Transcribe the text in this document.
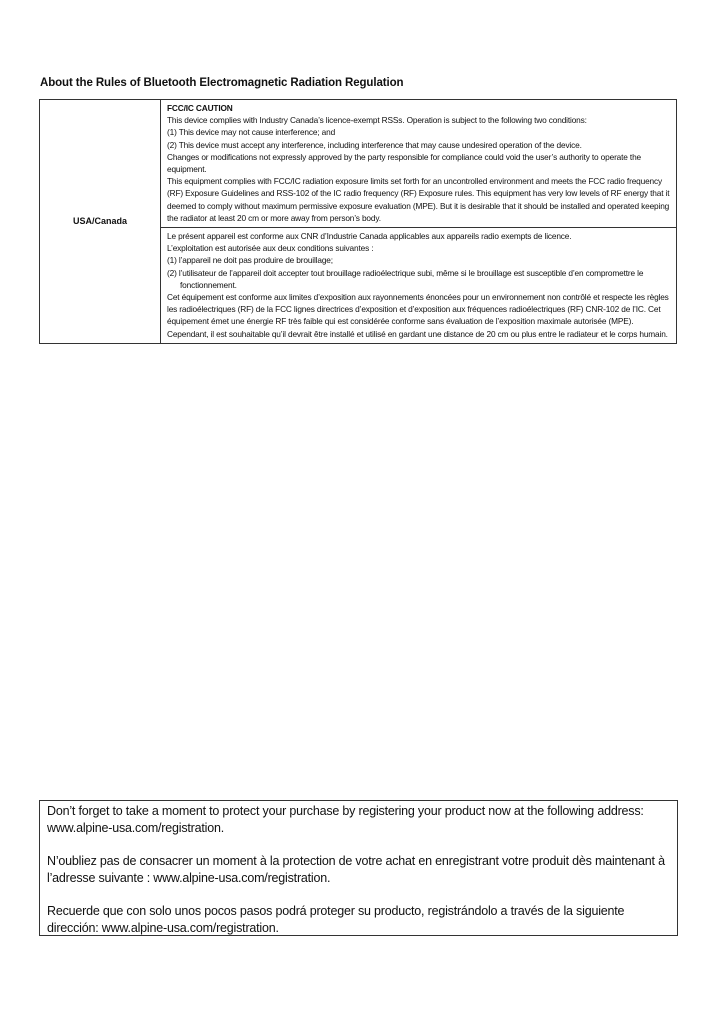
About the Rules of Bluetooth Electromagnetic Radiation Regulation
USA/Canada	
FCC/IC CAUTION

This device complies with Industry Canada’s licence-exempt RSSs. Operation is subject to the following two conditions:

(1) This device may not cause interference; and

(2) This device must accept any interference, including interference that may cause undesired operation of the device.

Changes or modifications not expressly approved by the party responsible for compliance could void the user’s authority to operate the equipment.

This equipment complies with FCC/IC radiation exposure limits set forth for an uncontrolled environment and meets the FCC radio frequency (RF) Exposure Guidelines and RSS-102 of the IC radio frequency (RF) Exposure rules. This equipment has very low levels of RF energy that it deemed to comply without maximum permissive exposure evaluation (MPE). But it is desirable that it should be installed and operated keeping the radiator at least 20 cm or more away from person’s body.

Le présent appareil est conforme aux CNR d’Industrie Canada applicables aux appareils radio exempts de licence.

L’exploitation est autorisée aux deux conditions suivantes :

(1) l’appareil ne doit pas produire de brouillage;

(2) l’utilisateur de l’appareil doit accepter tout brouillage radioélectrique subi, même si le brouillage est susceptible d’en compromettre le fonctionnement.

Cet équipement est conforme aux limites d’exposition aux rayonnements énoncées pour un environnement non contrôlé et respecte les règles les radioélectriques (RF) de la FCC lignes directrices d’exposition et d’exposition aux fréquences radioélectriques (RF) CNR-102 de l’IC. Cet équipement émet une énergie RF très faible qui est considérée conforme sans évaluation de l’exposition maximale autorisée (MPE). Cependant, il est souhaitable qu’il devrait être installé et utilisé en gardant une distance de 20 cm ou plus entre le radiateur et le corps humain.

Don’t forget to take a moment to protect your purchase by registering your product now at the following address: www.alpine-usa.com/registration.

N’oubliez pas de consacrer un moment à la protection de votre achat en enregistrant votre produit dès maintenant à l’adresse suivante : www.alpine-usa.com/registration.

Recuerde que con solo unos pocos pasos podrá proteger su producto, registrándolo a través de la siguiente dirección: www.alpine-usa.com/registration.
